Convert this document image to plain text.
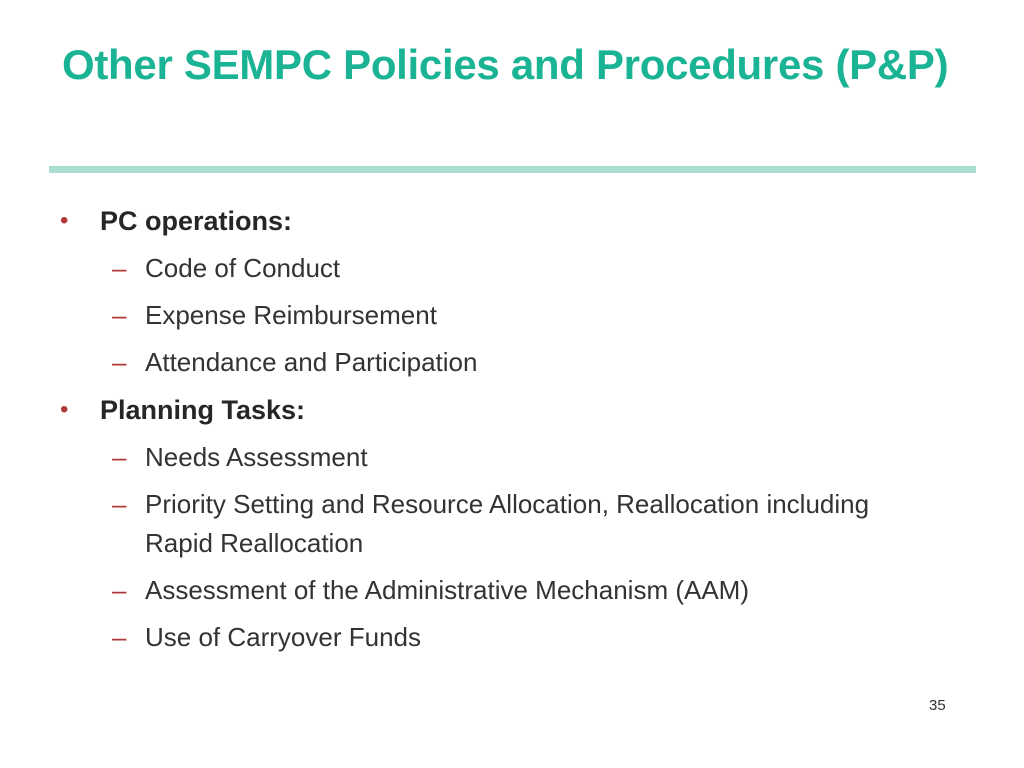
Other SEMPC Policies and Procedures (P&P)
• PC operations:
– Code of Conduct
– Expense Reimbursement
– Attendance and Participation
• Planning Tasks:
– Needs Assessment
– Priority Setting and Resource Allocation, Reallocation including Rapid Reallocation
– Assessment of the Administrative Mechanism (AAM)
– Use of Carryover Funds
35
